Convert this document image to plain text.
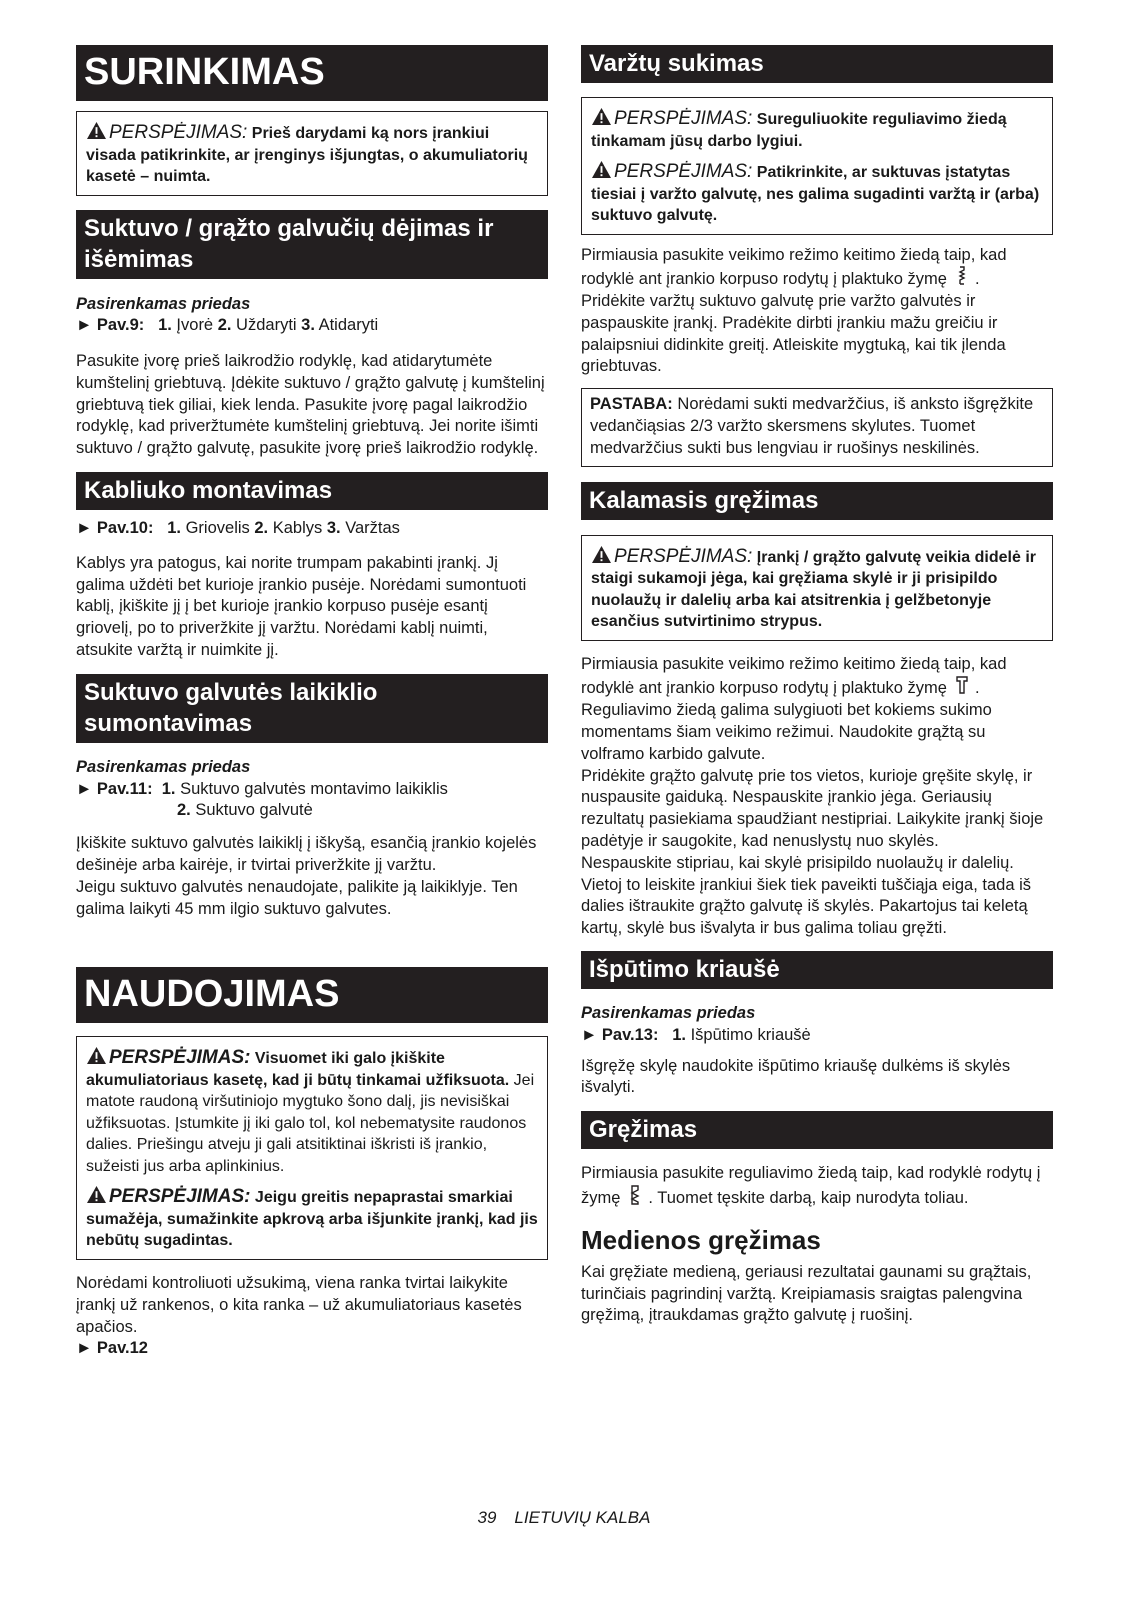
SURINKIMAS

PERSPĖJIMAS: Prieš darydami ką nors įrankiui visada patikrinkite, ar įrenginys išjungtas, o akumuliatorių kasetė – nuimta.

Suktuvo / grąžto galvučių dėjimas ir išėmimas
Pasirenkamas priedas
► Pav.9: 1. Įvorė 2. Uždaryti 3. Atidaryti

Pasukite įvorę prieš laikrodžio rodyklę, kad atidarytumėte kumštelinį griebtuvą. Įdėkite suktuvo / grąžto galvutę į kumštelinį griebtuvą tiek giliai, kiek lenda. Pasukite įvorę pagal laikrodžio rodyklę, kad priveržtumėte kumštelinį griebtuvą. Jei norite išimti suktuvo / grąžto galvutę, pasukite įvorę prieš laikrodžio rodyklę.

Kabliuko montavimas
► Pav.10: 1. Griovelis 2. Kablys 3. Varžtas

Kablys yra patogus, kai norite trumpam pakabinti įrankį. Jį galima uždėti bet kurioje įrankio pusėje. Norėdami sumontuoti kablį, įkiškite jį į bet kurioje įrankio korpuso pusėje esantį griovelį, po to priveržkite jį varžtu. Norėdami kablį nuimti, atsukite varžtą ir nuimkite jį.

Suktuvo galvutės laikiklio sumontavimas
Pasirenkamas priedas
► Pav.11: 1. Suktuvo galvutės montavimo laikiklis
2. Suktuvo galvutė

Įkiškite suktuvo galvutės laikiklį į iškyšą, esančią įrankio kojelės dešinėje arba kairėje, ir tvirtai priveržkite jį varžtu.

Jeigu suktuvo galvutės nenaudojate, palikite ją laikiklyje. Ten galima laikyti 45 mm ilgio suktuvo galvutes.

NAUDOJIMAS

PERSPĖJIMAS: Visuomet iki galo įkiškite akumuliatoriaus kasetę, kad ji būtų tinkamai užfiksuota. Jei matote raudoną viršutiniojo mygtuko šono dalį, jis nevisiškai užfiksuotas. Įstumkite jį iki galo tol, kol nebematysite raudonos dalies. Priešingu atveju ji gali atsitiktinai iškristi iš įrankio, sužeisti jus arba aplinkinius.

PERSPĖJIMAS: Jeigu greitis nepaprastai smarkiai sumažėja, sumažinkite apkrovą arba išjunkite įrankį, kad jis nebūtų sugadintas.

Norėdami kontroliuoti užsukimą, viena ranka tvirtai laikykite įrankį už rankenos, o kita ranka – už akumuliatoriaus kasetės apačios.

► Pav.12
Varžtų sukimas

PERSPĖJIMAS: Sureguliuokite reguliavimo žiedą tinkamam jūsų darbo lygiui.

PERSPĖJIMAS: Patikrinkite, ar suktuvas įstatytas tiesiai į varžto galvutę, nes galima sugadinti varžtą ir (arba) suktuvo galvutę.

Pirmiausia pasukite veikimo režimo keitimo žiedą taip, kad rodyklė ant įrankio korpuso rodytų į plaktuko žymę .

Pridėkite varžtų suktuvo galvutę prie varžto galvutės ir paspauskite įrankį. Pradėkite dirbti įrankiu mažu greičiu ir palaipsniui didinkite greitį. Atleiskite mygtuką, kai tik įlenda griebtuvas.

PASTABA: Norėdami sukti medvaržčius, iš anksto išgręžkite vedančiąsias 2/3 varžto skersmens skylutes. Tuomet medvaržčius sukti bus lengviau ir ruošinys neskilinės.

Kalamasis gręžimas

PERSPĖJIMAS: Įrankį / grąžto galvutę veikia didelė ir staigi sukamoji jėga, kai gręžiama skylė ir ji prisipildo nuolaužų ir dalelių arba kai atsitrenkia į gelžbetonyje esančius sutvirtinimo strypus.

Pirmiausia pasukite veikimo režimo keitimo žiedą taip, kad rodyklė ant įrankio korpuso rodytų į plaktuko žymę . Reguliavimo žiedą galima sulygiuoti bet kokiems sukimo momentams šiam veikimo režimui. Naudokite grąžtą su volframo karbido galvute.

Pridėkite grąžto galvutę prie tos vietos, kurioje gręšite skylę, ir nuspausite gaiduką. Nespauskite įrankio jėga. Geriausių rezultatų pasiekiama spaudžiant nestipriai. Laikykite įrankį šioje padėtyje ir saugokite, kad nenuslystų nuo skylės.

Nespauskite stipriau, kai skylė prisipildo nuolaužų ir dalelių. Vietoj to leiskite įrankiui šiek tiek paveikti tuščiąja eiga, tada iš dalies ištraukite grąžto galvutę iš skylės. Pakartojus tai keletą kartų, skylė bus išvalyta ir bus galima toliau gręžti.

Išpūtimo kriaušė
Pasirenkamas priedas
► Pav.13: 1. Išpūtimo kriaušė

Išgręžę skylę naudokite išpūtimo kriaušę dulkėms iš skylės išvalyti.

Gręžimas

Pirmiausia pasukite reguliavimo žiedą taip, kad rodyklė rodytų į žymę . Tuomet tęskite darbą, kaip nurodyta toliau.

Medienos gręžimas

Kai gręžiate medieną, geriausi rezultatai gaunami su grąžtais, turinčiais pagrindinį varžtą. Kreipiamasis sraigtas palengvina gręžimą, įtraukdamas grąžto galvutę į ruošinį.

39 LIETUVIŲ KALBA
